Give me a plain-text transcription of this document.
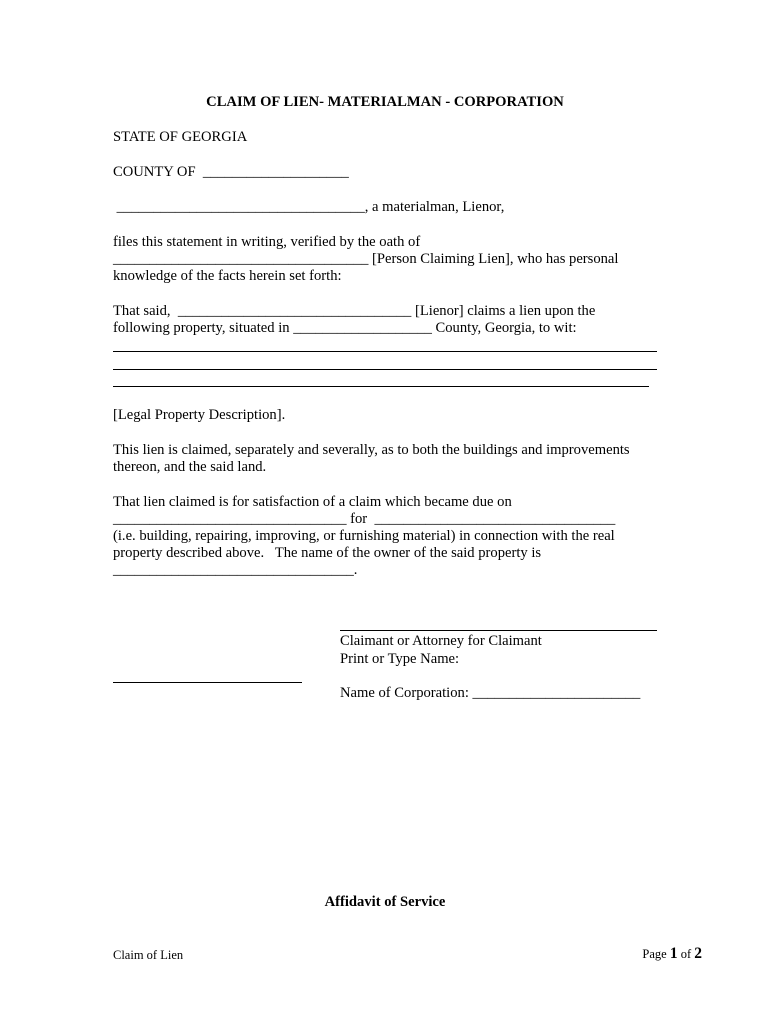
CLAIM OF LIEN- MATERIALMAN - CORPORATION
STATE OF GEORGIA
COUNTY OF  ____________________
__________________________________, a materialman, Lienor,
files this statement in writing, verified by the oath of
___________________________________ [Person Claiming Lien], who has personal
knowledge of the facts herein set forth:
That said,  ________________________________ [Lienor] claims a lien upon the
following property, situated in ___________________ County, Georgia, to wit:
[Legal Property Description].
This lien is claimed, separately and severally, as to both the buildings and improvements
thereon, and the said land.
That lien claimed is for satisfaction of a claim which became due on
________________________________ for  _________________________________
(i.e. building, repairing, improving, or furnishing material) in connection with the real
property described above.   The name of the owner of the said property is
_________________________________.
Claimant or Attorney for Claimant
Print or Type Name:
Name of Corporation: _______________________
Affidavit of Service
Claim of Lien	Page 1 of 2
